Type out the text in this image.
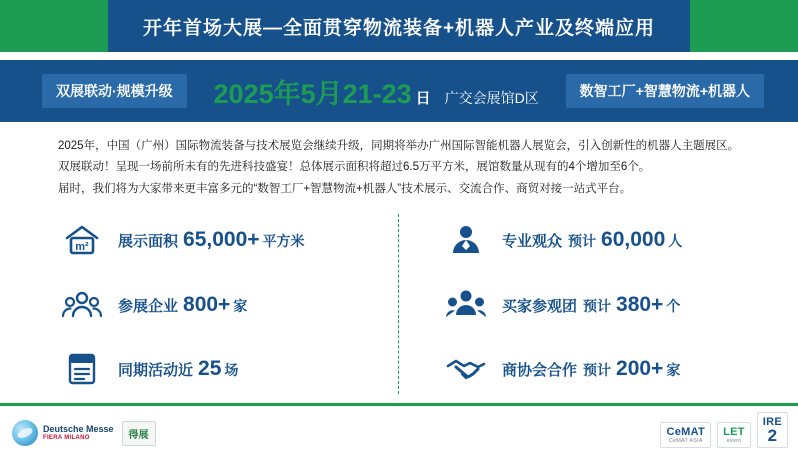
开年首场大展—全面贯穿物流装备+机器人产业及终端应用
双展联动·规模升级	2025年5月21-23 日 广交会展馆D区	数智工厂+智慧物流+机器人

2025年，中国（广州）国际物流装备与技术展览会继续升级，同期将举办广州国际智能机器人展览会，引入创新性的机器人主题展区。

双展联动！呈现一场前所未有的先进科技盛宴！总体展示面积将超过6.5万平方米，展馆数量从现有的4个增加至6个。

届时，我们将为大家带来更丰富多元的“数智工厂+智慧物流+机器人”技术展示、交流合作、商贸对接一站式平台。

m² 展示面积 65,000+ 平方米
参展企业 800+ 家
同期活动近 25 场
专业观众 预计 60,000 人
买家参观团 预计 380+ 个
商协会合作 预计 200+ 家
Deutsche Messe
FIERA MILANO	得展	CeMAT
CeMAT ASIA
LET
event
IRE
2
